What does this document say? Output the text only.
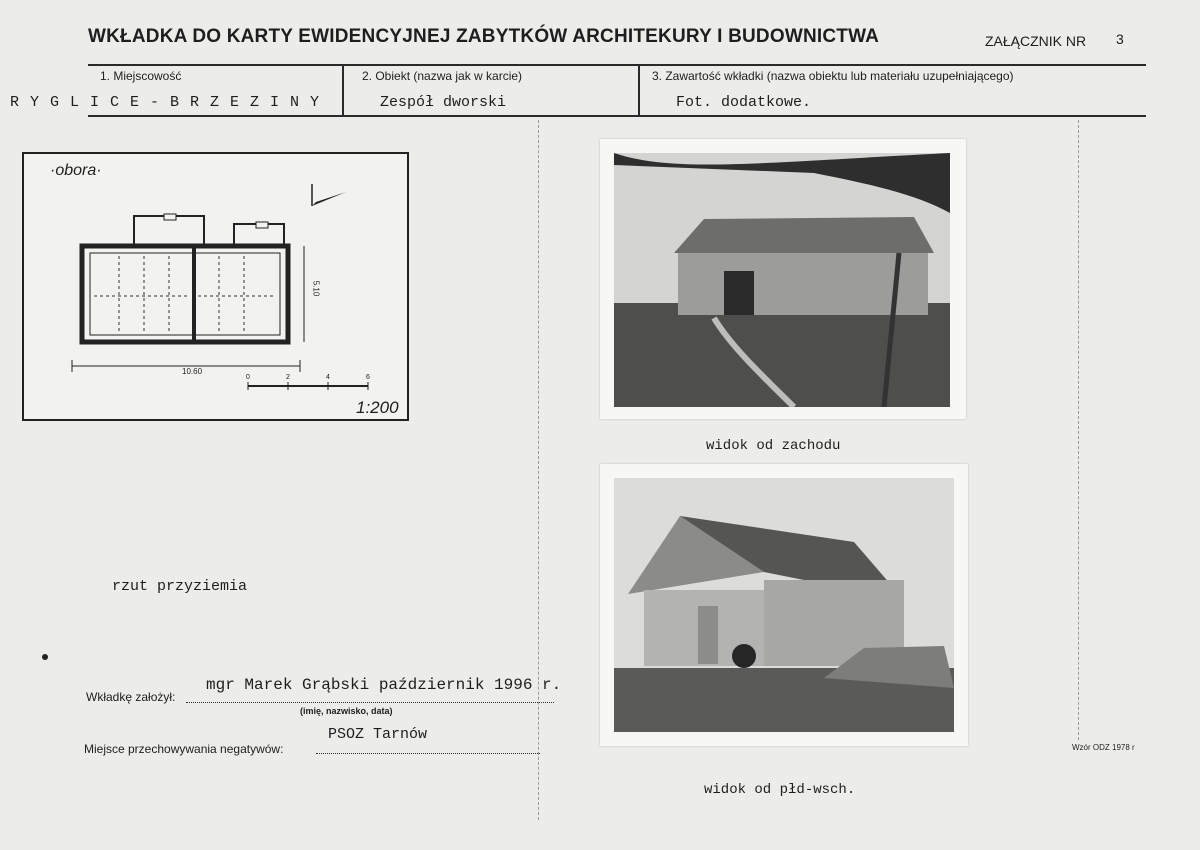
WKŁADKA DO KARTY EWIDENCYJNEJ ZABYTKÓW ARCHITEKURY I BUDOWNICTWA	ZAŁĄCZNIK NR 3
1. Miejscowość	2. Obiekt (nazwa jak w karcie)	3. Zawartość wkładki (nazwa obiektu lub materiału uzupełniającego)
R Y G L I C E - B R Z E Z I N Y	Zespół dworski	Fot. dodatkowe.
·obora·
10.60
5.10
0	2	4	6
1:200
rzut przyziemia
widok od zachodu
widok od płd-wsch.
Wkładkę założył:
mgr Marek Grąbski październik 1996 r.
(imię, nazwisko, data)
Miejsce przechowywania negatywów:
PSOZ Tarnów
Wzór ODZ 1978 r
